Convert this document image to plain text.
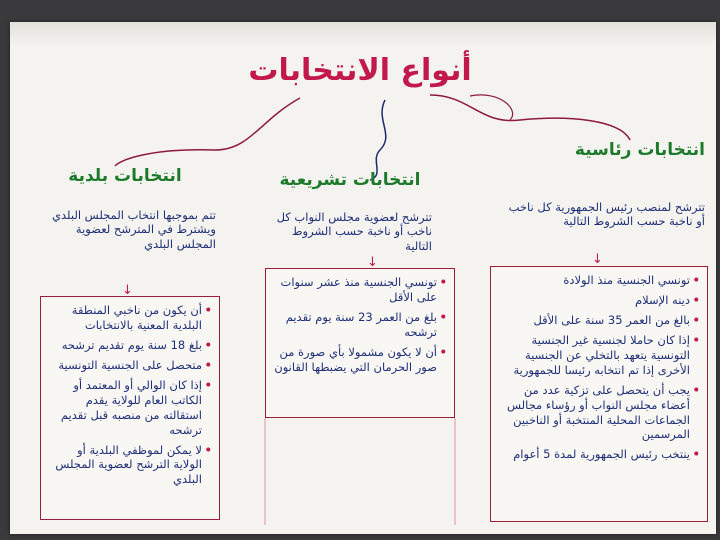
أنواع الانتخابات
انتخابات رئاسية
تترشح لمنصب رئيس الجمهورية كل ناخب أو ناخبة حسب الشروط التالية
↓
• تونسي الجنسية منذ الولادة
• دينه الإسلام
• بالغ من العمر 35 سنة على الأقل
• إذا كان حاملا لجنسية غير الجنسية التونسية يتعهد بالتخلي عن الجنسية الأخرى إذا تم انتخابه رئيسا للجمهورية
• يجب أن يتحصل على تزكية عدد من أعضاء مجلس النواب أو رؤساء مجالس الجماعات المحلية المنتخبة أو الناخبين المرسمين
• ينتخب رئيس الجمهورية لمدة 5 أعوام
انتخابات تشريعية
تترشح لعضوية مجلس النواب كل ناخب أو ناخبة حسب الشروط التالية
↓
• تونسي الجنسية منذ عشر سنوات على الأقل
• بلغ من العمر 23 سنة يوم تقديم ترشحه
• أن لا يكون مشمولا بأي صورة من صور الحرمان التي يضبطها القانون
انتخابات بلدية
تتم بموجبها انتخاب المجلس البلدي ويشترط في المترشح لعضوية المجلس البلدي
↓
• أن يكون من ناخبي المنطقة البلدية المعنية بالانتخابات
• بلغ 18 سنة يوم تقديم ترشحه
• متحصل على الجنسية التونسية
• إذا كان الوالي أو المعتمد أو الكاتب العام للولاية يقدم استقالته من منصبه قبل تقديم ترشحه
• لا يمكن لموظفي البلدية أو الولاية الترشح لعضوية المجلس البلدي
